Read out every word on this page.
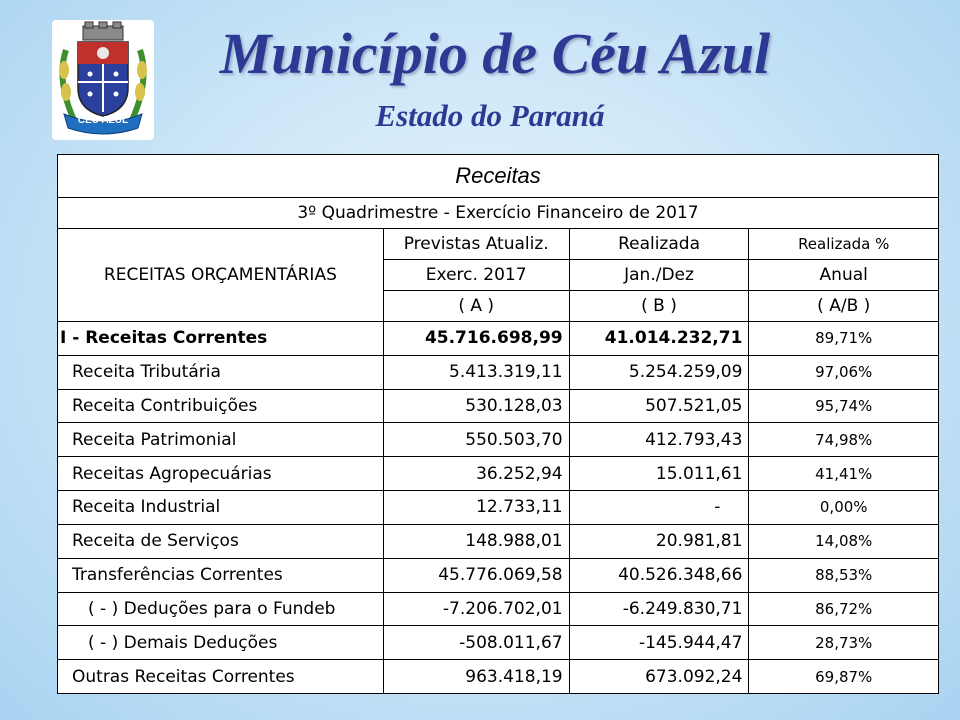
CÉU AZUL
Município de Céu Azul
Estado do Paraná
Receitas			
3º Quadrimestre - Exercício Financeiro de 2017			
RECEITAS ORÇAMENTÁRIAS	Previstas Atualiz.	Realizada	Realizada %
	Exerc. 2017	Jan./Dez	Anual
	( A )	( B )	( A/B )
I - Receitas Correntes	45.716.698,99	41.014.232,71	89,71%
Receita Tributária	5.413.319,11	5.254.259,09	97,06%
Receita Contribuições	530.128,03	507.521,05	95,74%
Receita Patrimonial	550.503,70	412.793,43	74,98%
Receitas Agropecuárias	36.252,94	15.011,61	41,41%
Receita Industrial	12.733,11	-	0,00%
Receita de Serviços	148.988,01	20.981,81	14,08%
Transferências Correntes	45.776.069,58	40.526.348,66	88,53%
( - ) Deduções para o Fundeb	-7.206.702,01	-6.249.830,71	86,72%
( - ) Demais Deduções	-508.011,67	-145.944,47	28,73%
Outras Receitas Correntes	963.418,19	673.092,24	69,87%
